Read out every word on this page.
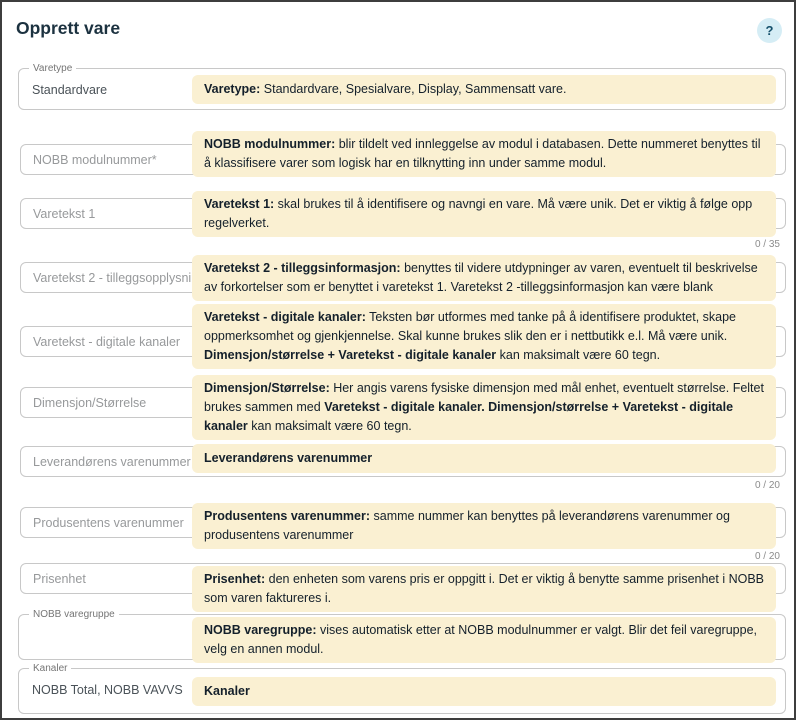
Opprett vare	?
Varetype
Standardvare	Varetype: Standardvare, Spesialvare, Display, Sammensatt vare.
NOBB modulnummer*
NOBB modulnummer: blir tildelt ved innleggelse av modul i databasen. Dette nummeret benyttes til å klassifisere varer som logisk har en tilknytting inn under samme modul.
Varetekst 1
Varetekst 1: skal brukes til å identifisere og navngi en vare. Må være unik. Det er viktig å følge opp regelverket.
0 / 35
Varetekst 2 - tilleggsopplysnin
Varetekst 2 - tilleggsinformasjon: benyttes til videre utdypninger av varen, eventuelt til beskrivelse av forkortelser som er benyttet i varetekst 1. Varetekst 2 -tilleggsinformasjon kan være blank
Varetekst - digitale kanaler
Varetekst - digitale kanaler: Teksten bør utformes med tanke på å identifisere produktet, skape oppmerksomhet og gjenkjennelse. Skal kunne brukes slik den er i nettbutikk e.l. Må være unik. Dimensjon/størrelse + Varetekst - digitale kanaler kan maksimalt være 60 tegn.
Dimensjon/Størrelse
Dimensjon/Størrelse: Her angis varens fysiske dimensjon med mål enhet, eventuelt størrelse. Feltet brukes sammen med Varetekst - digitale kanaler. Dimensjon/størrelse + Varetekst - digitale kanaler kan maksimalt være 60 tegn.
Leverandørens varenummer
Leverandørens varenummer
0 / 20
Produsentens varenummer
Produsentens varenummer: samme nummer kan benyttes på leverandørens varenummer og produsentens varenummer
0 / 20
Prisenhet
Prisenhet: den enheten som varens pris er oppgitt i. Det er viktig å benytte samme prisenhet i NOBB som varen faktureres i.
NOBB varegruppe
NOBB varegruppe: vises automatisk etter at NOBB modulnummer er valgt. Blir det feil varegruppe, velg en annen modul.
Kanaler
NOBB Total, NOBB VAVVS	Kanaler
